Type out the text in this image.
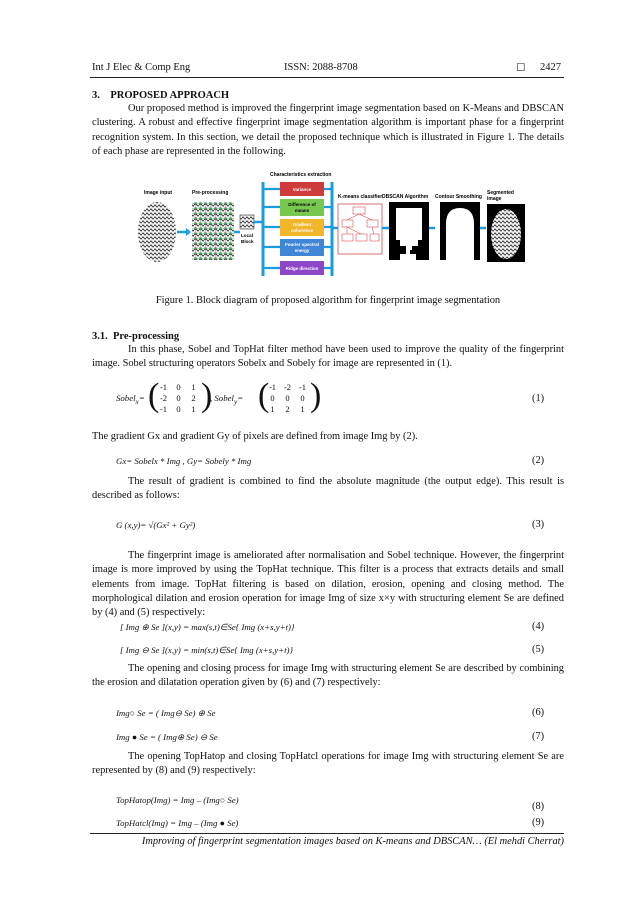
Int J Elec & Comp Eng	ISSN: 2088-8708	☐ 2427
3.    PROPOSED APPROACH

Our proposed method is improved the fingerprint image segmentation based on K-Means and DBSCAN clustering. A robust and effective fingerprint image segmentation algorithm is important phase for a fingerprint recognition system. In this section, we detail the proposed technique which is illustrated in Figure 1. The details of each phase are represented in the following.

Image input	Pre-processing
Local
Block
Characteristics extraction
Variance
Difference of
means
Gradient
coherence
Fourier spectral
energy
Ridge direction
K-means classifier DBSCAN Algorithm Contour Smoothing
Segmented
image
Figure 1. Block diagram of proposed algorithm for fingerprint image segmentation
3.1.  Pre-processing

In this phase, Sobel and TopHat filter method have been used to improve the quality of the fingerprint image. Sobel structuring operators Sobelx and Sobely for image are represented in (1).

Sobel$_x$= ( -1 0 1
-2 0 2
-1 0 1 )
, Sobel$_y$= ( -1 -2 -1
0 0 0
1 2 1 )	(1)

The gradient Gx and gradient Gy of pixels are defined from image Img by (2).

Gx= Sobelx * Img , Gy= Sobely * Img	(2)

The result of gradient is combined to find the absolute magnitude (the output edge). This result is described as follows:

G (x,y)= √(Gx² + Gy²)	(3)

The fingerprint image is ameliorated after normalisation and Sobel technique. However, the fingerprint image is more improved by using the TopHat technique. This filter is a process that extracts details and small elements from image. TopHat filtering is based on dilation, erosion, opening and closing method. The morphological dilation and erosion operation for image Img of size x×y with structuring element Se are defined by (4) and (5) respectively:

[ Img ⊕ Se ](x,y) = max(s,t)∈Se{ Img (x+s,y+t)}	(4)
[ Img ⊖ Se ](x,y) = min(s,t)∈Se{ Img (x+s,y+t)}	(5)

The opening and closing process for image Img with structuring element Se are described by combining the erosion and dilatation operation given by (6) and (7) respectively:

Img○ Se = ( Img⊖ Se) ⊕ Se	(6)
Img ● Se = ( Img⊕ Se) ⊖ Se	(7)

The opening TopHatop and closing TopHatcl operations for image Img with structuring element Se are represented by (8) and (9) respectively:

TopHatop(Img) = Img – (Img○ Se)
(8)
TopHatcl(Img) = Img – (Img ● Se)	(9)
Improving of fingerprint segmentation images based on K-means and DBSCAN… (El mehdi Cherrat)
